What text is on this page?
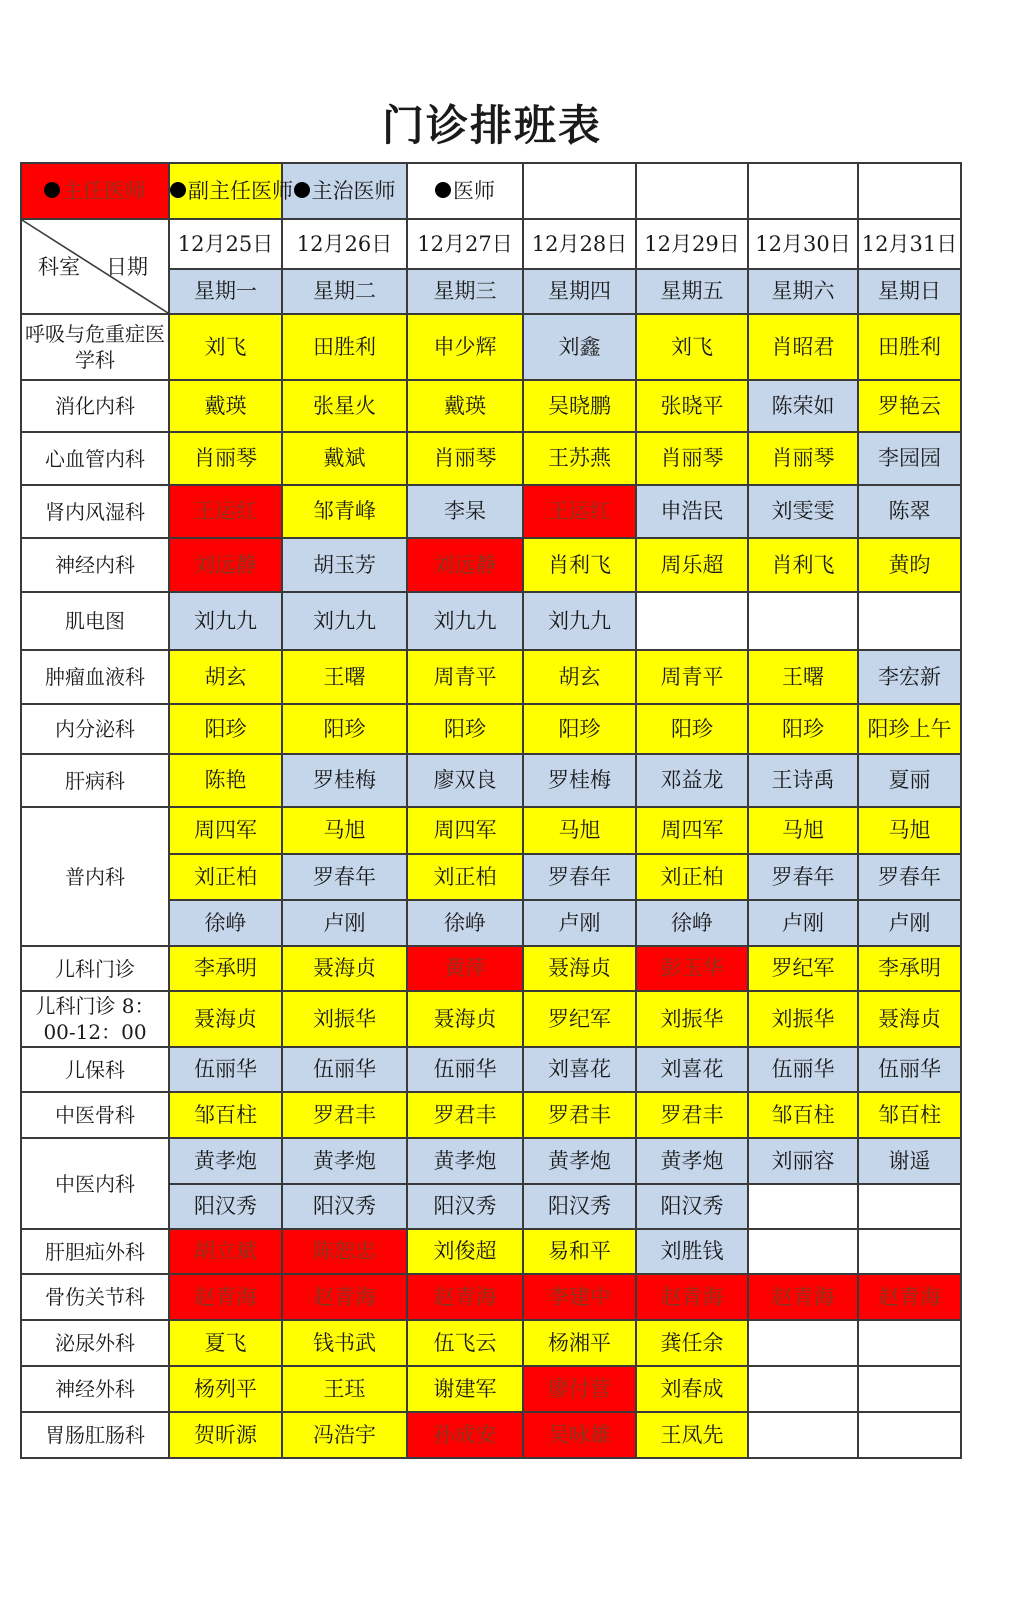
门诊排班表
主任医师	副主任医师	主治医师	医师				

科室 日期	12月25日	12月26日	12月27日	12月28日	12月29日	12月30日	12月31日
	星期一	星期二	星期三	星期四	星期五	星期六	星期日
呼吸与危重症医学科	刘飞	田胜利	申少辉	刘鑫	刘飞	肖昭君	田胜利
消化内科	戴瑛	张星火	戴瑛	吴晓鹏	张晓平	陈荣如	罗艳云
心血管内科	肖丽琴	戴斌	肖丽琴	王苏燕	肖丽琴	肖丽琴	李园园
肾内风湿科	王运红	邹青峰	李杲	王运红	申浩民	刘雯雯	陈翠
神经内科	刘远静	胡玉芳	刘远静	肖利飞	周乐超	肖利飞	黄昀
肌电图	刘九九	刘九九	刘九九	刘九九			
肿瘤血液科	胡玄	王曙	周青平	胡玄	周青平	王曙	李宏新
内分泌科	阳珍	阳珍	阳珍	阳珍	阳珍	阳珍	阳珍上午
肝病科	陈艳	罗桂梅	廖双良	罗桂梅	邓益龙	王诗禹	夏丽
普内科	周四军	马旭	周四军	马旭	周四军	马旭	马旭
	刘正柏	罗春年	刘正柏	罗春年	刘正柏	罗春年	罗春年
	徐峥	卢刚	徐峥	卢刚	徐峥	卢刚	卢刚
儿科门诊	李承明	聂海贞	黄萍	聂海贞	彭玉华	罗纪军	李承明
儿科门诊 8：00-12：00	聂海贞	刘振华	聂海贞	罗纪军	刘振华	刘振华	聂海贞
儿保科	伍丽华	伍丽华	伍丽华	刘喜花	刘喜花	伍丽华	伍丽华
中医骨科	邹百柱	罗君丰	罗君丰	罗君丰	罗君丰	邹百柱	邹百柱
中医内科	黄孝炮	黄孝炮	黄孝炮	黄孝炮	黄孝炮	刘丽容	谢遥
	阳汉秀	阳汉秀	阳汉秀	阳汉秀	阳汉秀		
肝胆疝外科	胡立斌	陈恕忠	刘俊超	易和平	刘胜钱		
骨伤关节科	赵青海	赵青海	赵青海	李建中	赵青海	赵青海	赵青海
泌尿外科	夏飞	钱书武	伍飞云	杨湘平	龚任余		
神经外科	杨列平	王珏	谢建军	廖付营	刘春成		
胃肠肛肠科	贺昕源	冯浩宇	孙成安	吴咏雄	王凤先		
